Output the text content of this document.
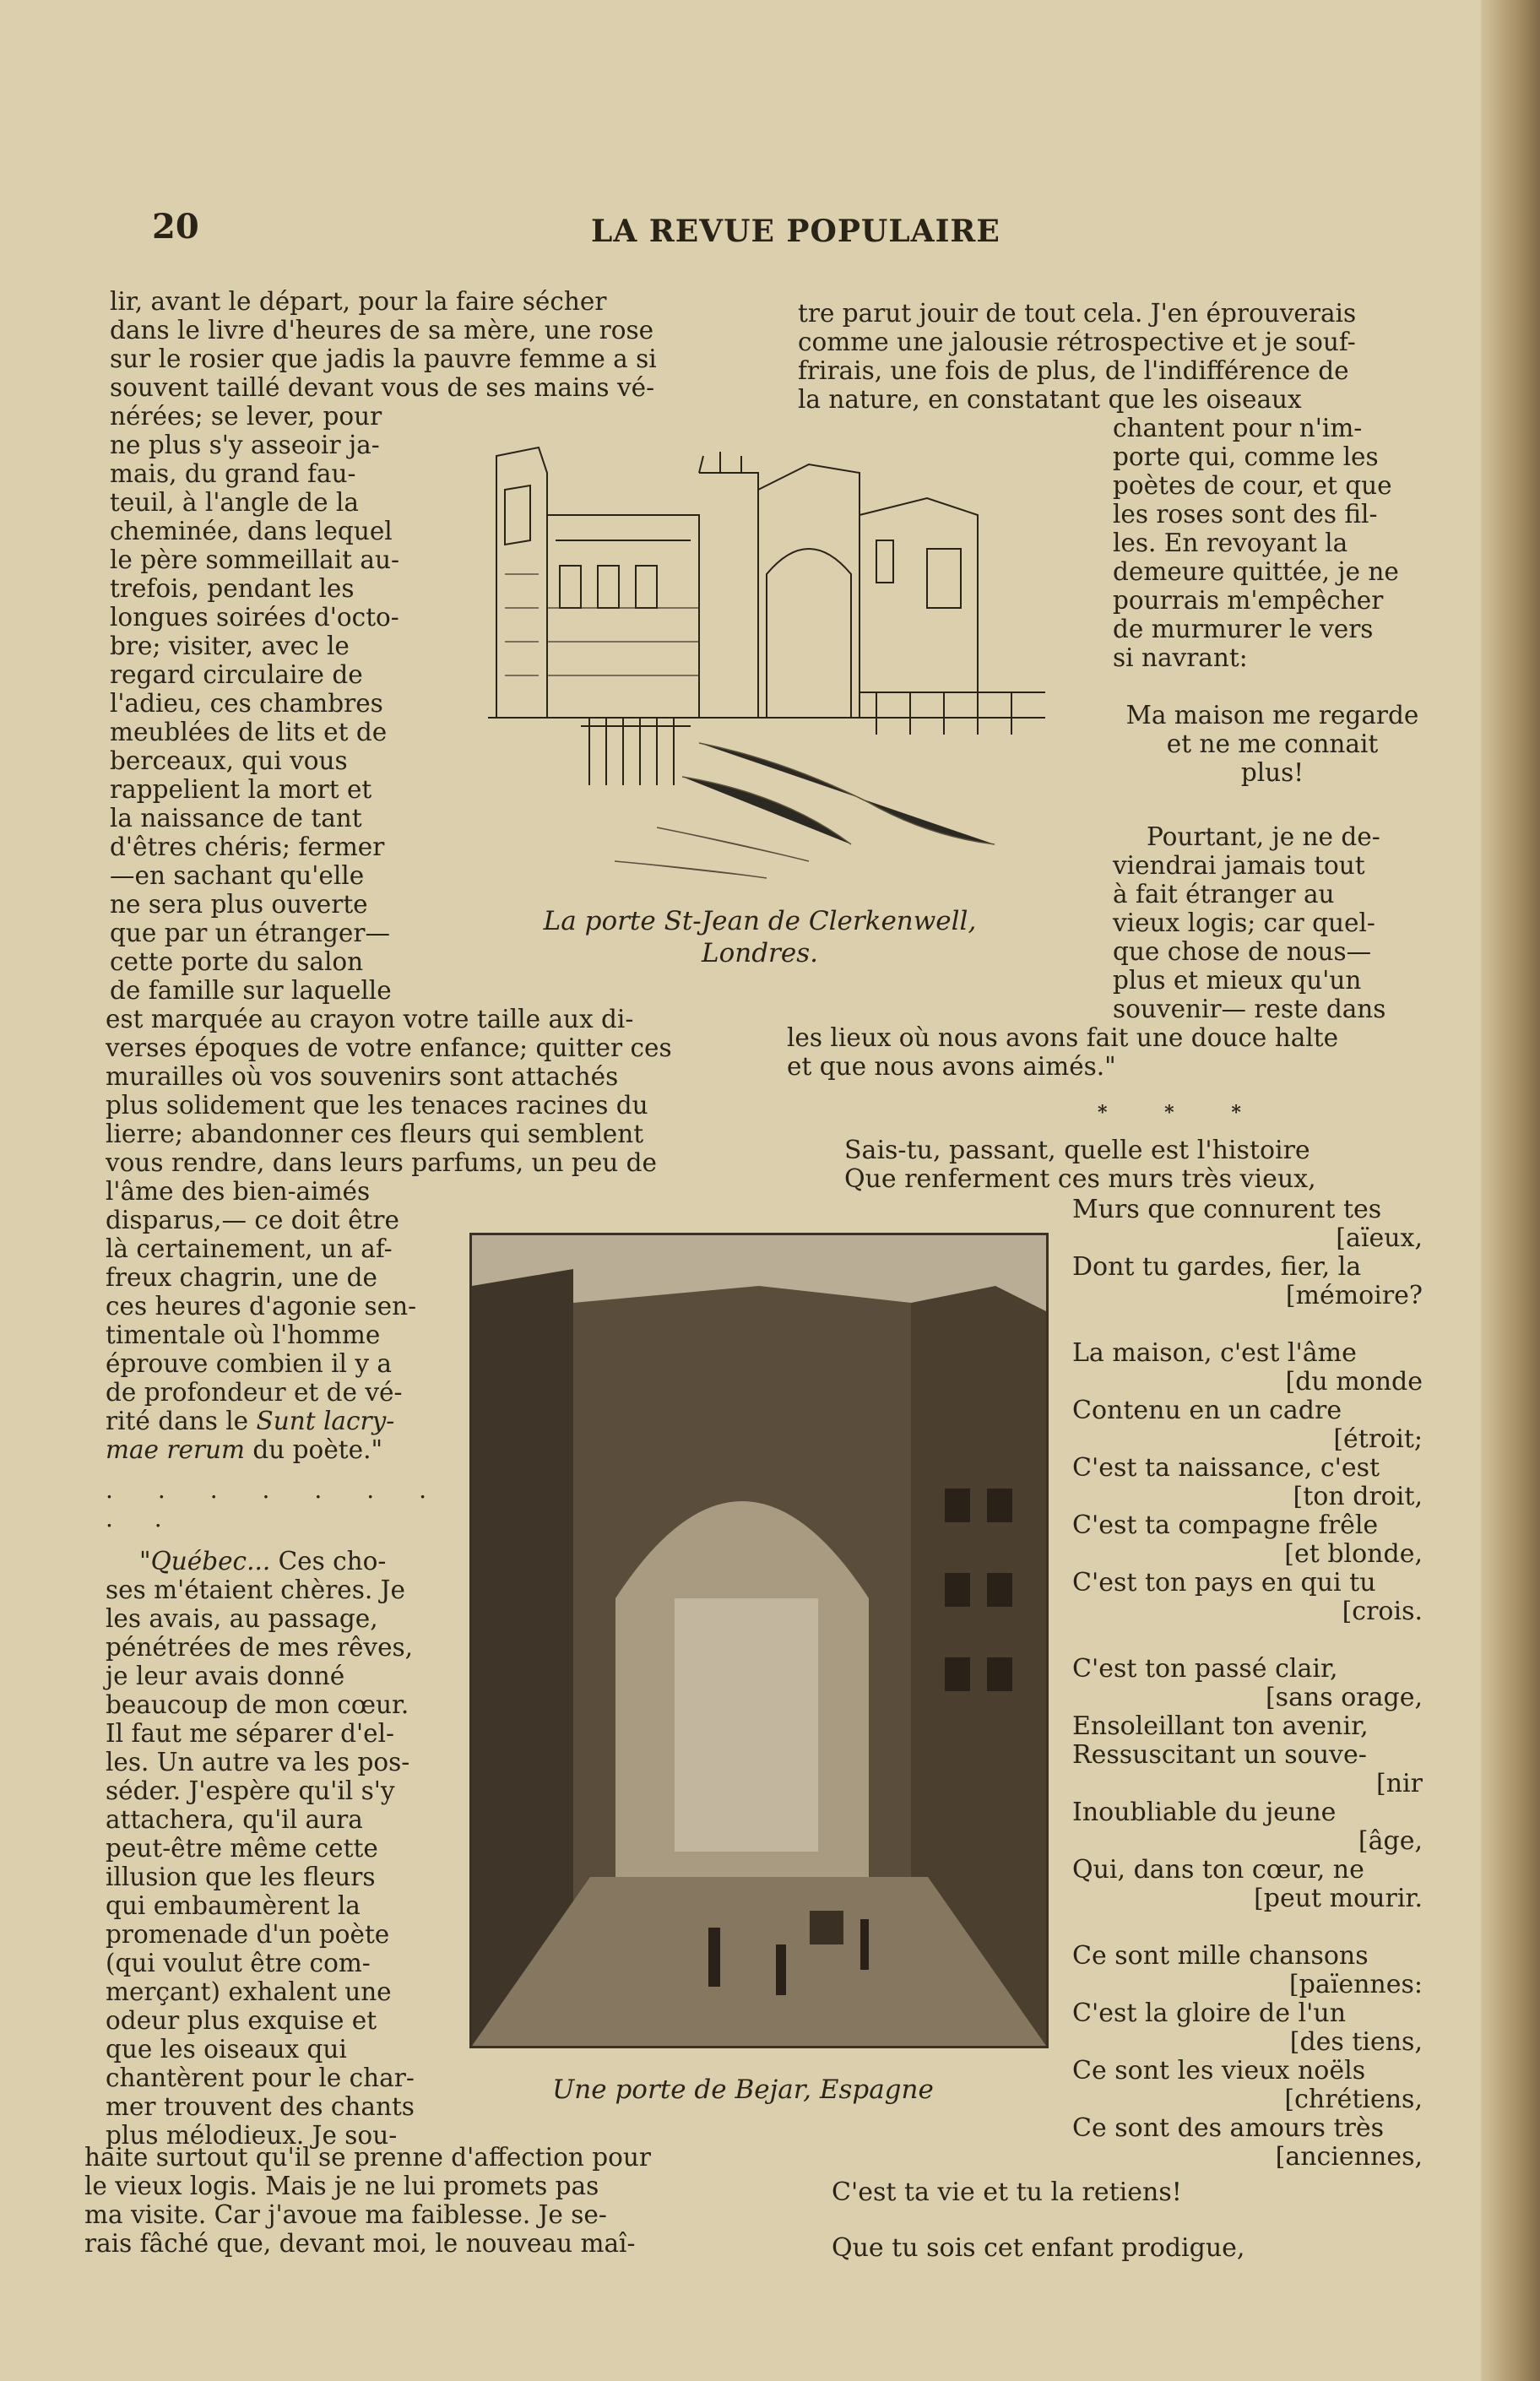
20	LA REVUE POPULAIRE

lir, avant le départ, pour la faire sécher

dans le livre d'heures de sa mère, une rose

sur le rosier que jadis la pauvre femme a si

souvent taillé devant vous de ses mains vé-

nérées; se lever, pour

ne plus s'y asseoir ja-

mais, du grand fau-

teuil, à l'angle de la

cheminée, dans lequel

le père sommeillait au-

trefois, pendant les

longues soirées d'octo-

bre; visiter, avec le

regard circulaire de

l'adieu, ces chambres

meublées de lits et de

berceaux, qui vous

rappelient la mort et

la naissance de tant

d'êtres chéris; fermer

—en sachant qu'elle

ne sera plus ouverte

que par un étranger—

cette porte du salon

de famille sur laquelle

est marquée au crayon votre taille aux di-

verses époques de votre enfance; quitter ces

murailles où vos souvenirs sont attachés

plus solidement que les tenaces racines du

lierre; abandonner ces fleurs qui semblent

vous rendre, dans leurs parfums, un peu de

l'âme des bien-aimés

disparus,— ce doit être

là certainement, un af-

freux chagrin, une de

ces heures d'agonie sen-

timentale où l'homme

éprouve combien il y a

de profondeur et de vé-

rité dans le Sunt lacry-

mae rerum du poète."

. . . . . . . . .

"Québec... Ces cho-

ses m'étaient chères. Je

les avais, au passage,

pénétrées de mes rêves,

je leur avais donné

beaucoup de mon cœur.

Il faut me séparer d'el-

les. Un autre va les pos-

séder. J'espère qu'il s'y

attachera, qu'il aura

peut-être même cette

illusion que les fleurs

qui embaumèrent la

promenade d'un poète

(qui voulut être com-

merçant) exhalent une

odeur plus exquise et

que les oiseaux qui

chantèrent pour le char-

mer trouvent des chants

plus mélodieux. Je sou-

haite surtout qu'il se prenne d'affection pour

le vieux logis. Mais je ne lui promets pas

ma visite. Car j'avoue ma faiblesse. Je se-

rais fâché que, devant moi, le nouveau maî-

La porte St-Jean de Clerkenwell,
Londres.
Une porte de Bejar, Espagne

tre parut jouir de tout cela. J'en éprouverais

comme une jalousie rétrospective et je souf-

frirais, une fois de plus, de l'indifférence de

la nature, en constatant que les oiseaux

chantent pour n'im-

porte qui, comme les

poètes de cour, et que

les roses sont des fil-

les. En revoyant la

demeure quittée, je ne

pourrais m'empêcher

de murmurer le vers

si navrant:

Ma maison me regarde

et ne me connait

plus!

Pourtant, je ne de-

viendrai jamais tout

à fait étranger au

vieux logis; car quel-

que chose de nous—

plus et mieux qu'un

souvenir— reste dans

les lieux où nous avons fait une douce halte

et que nous avons aimés."

* * *
Sais-tu, passant, quelle est l'histoire
Que renferment ces murs très vieux,
Murs que connurent tes
[aïeux,
Dont tu gardes, fier, la
[mémoire?
La maison, c'est l'âme
[du monde
Contenu en un cadre
[étroit;
C'est ta naissance, c'est
[ton droit,
C'est ta compagne frêle
[et blonde,
C'est ton pays en qui tu
[crois.
C'est ton passé clair,
[sans orage,
Ensoleillant ton avenir,
Ressuscitant un souve-
[nir
Inoubliable du jeune
[âge,
Qui, dans ton cœur, ne
[peut mourir.
Ce sont mille chansons
[païennes:
C'est la gloire de l'un
[des tiens,
Ce sont les vieux noëls
[chrétiens,
Ce sont des amours très
[anciennes,
C'est ta vie et tu la retiens!
Que tu sois cet enfant prodigue,
